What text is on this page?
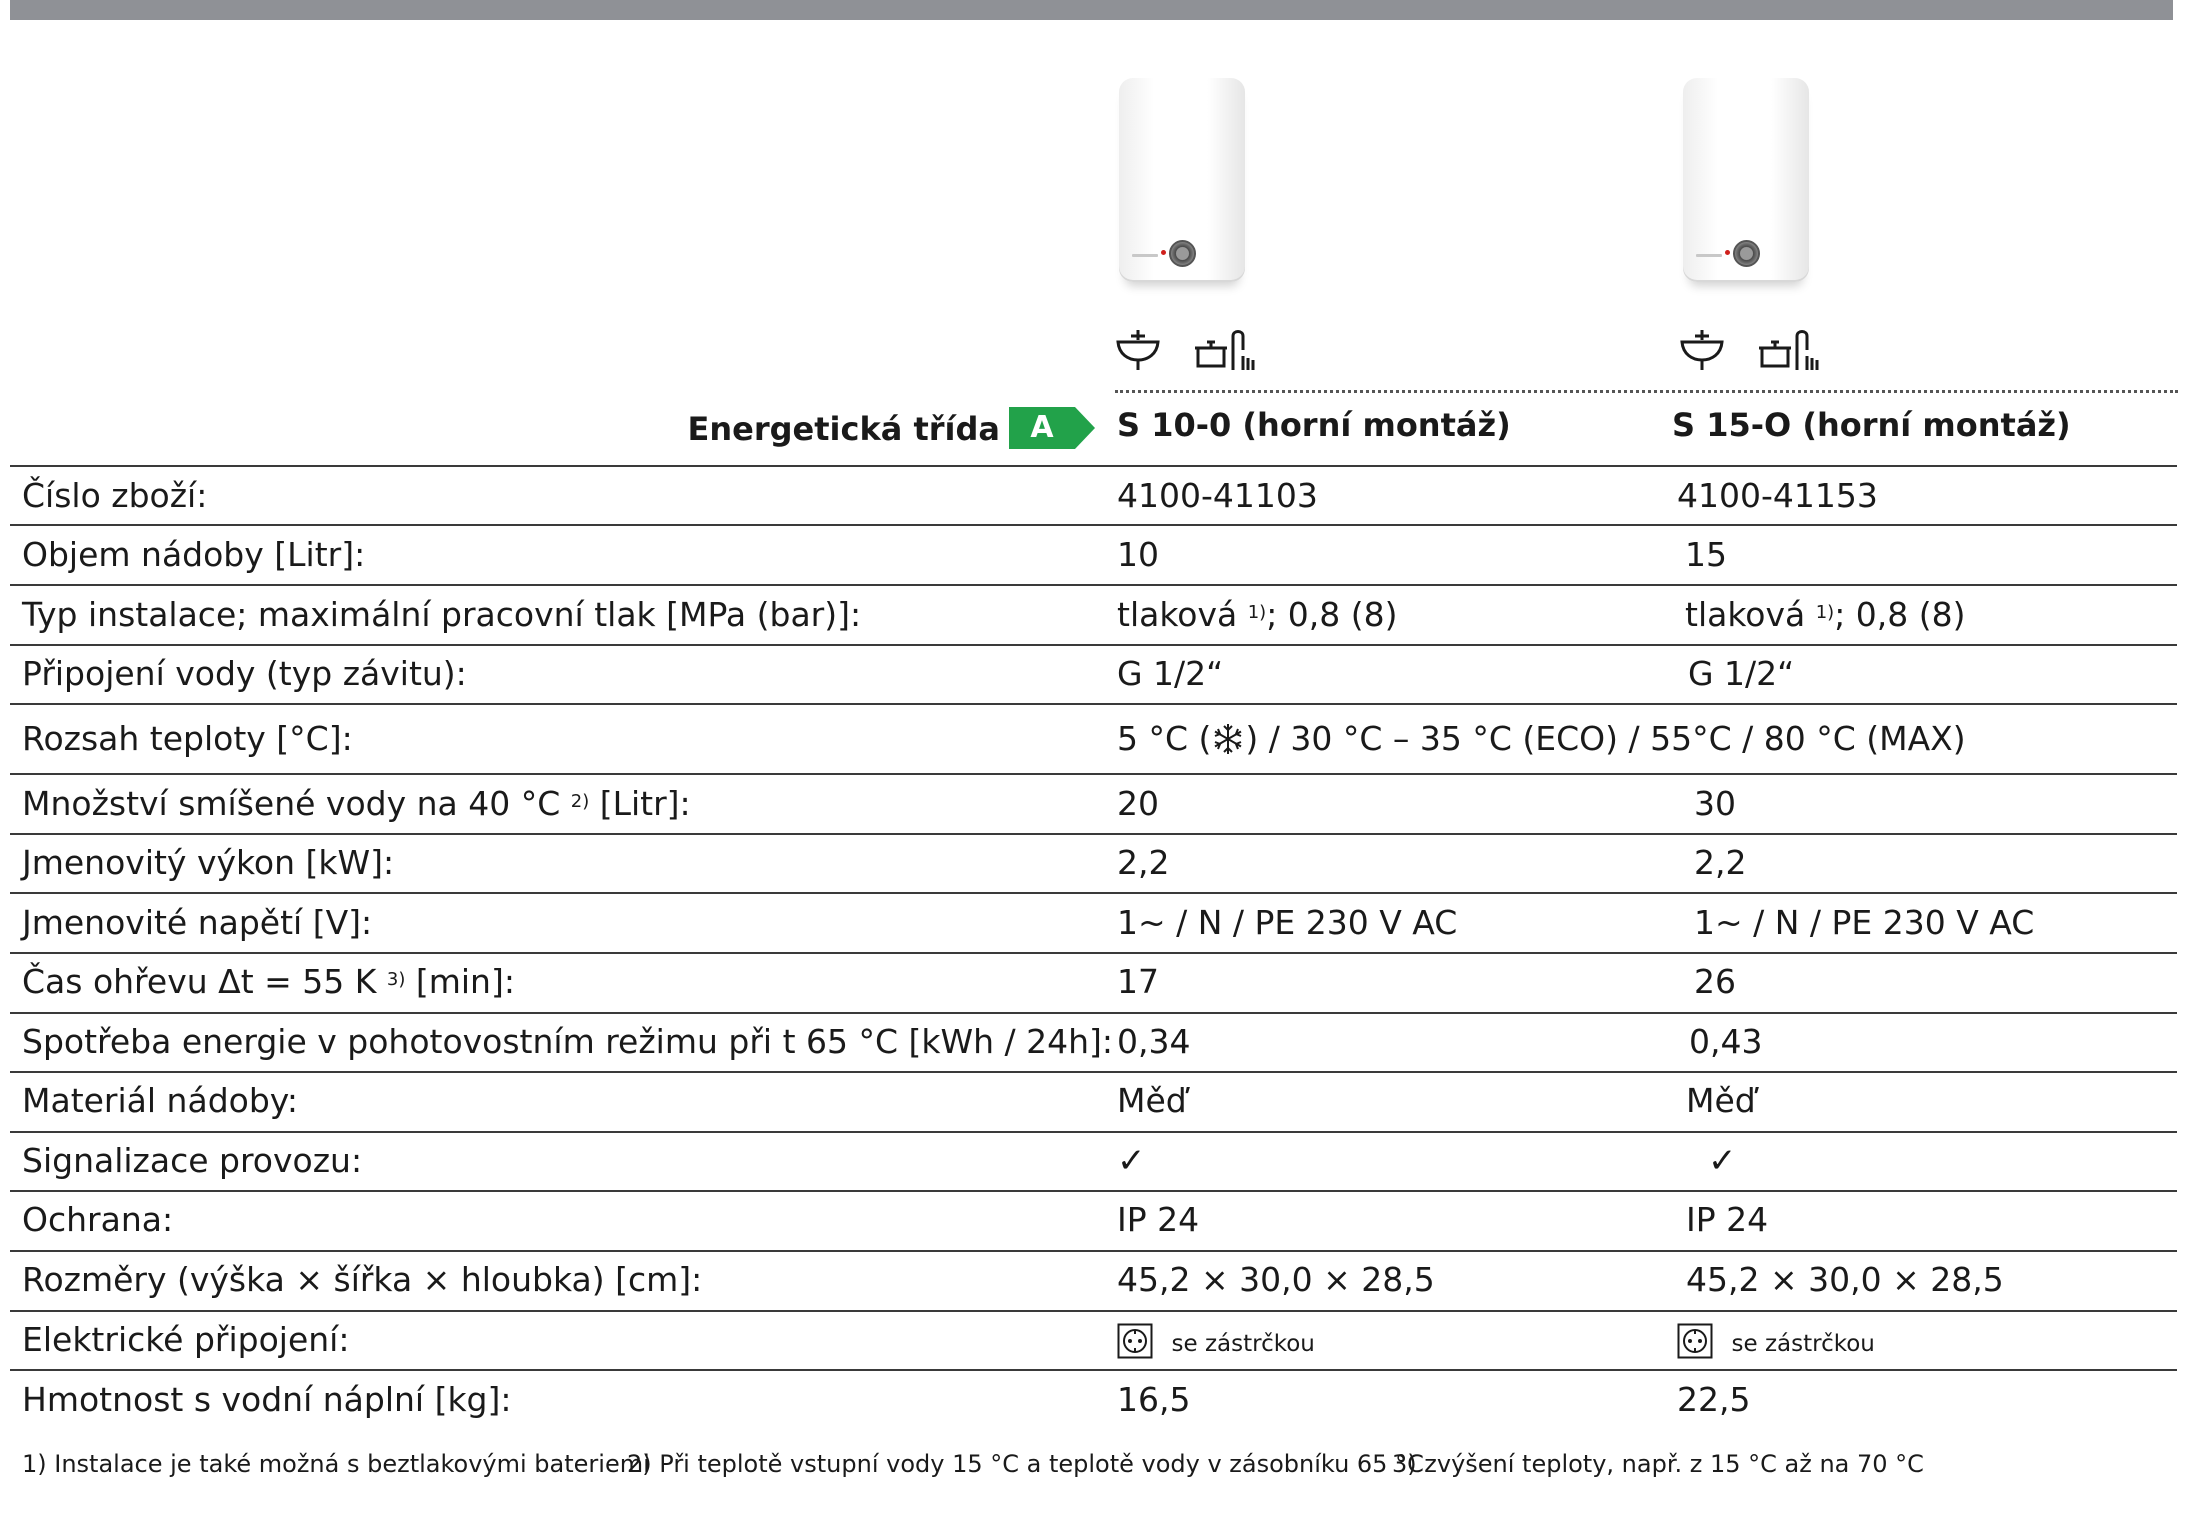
Energetická třída	A	S 10-0 (horní montáž)	S 15-O (horní montáž)
Číslo zboží:	4100-41103	4100-41153
Objem nádoby [Litr]:	10	15
Typ instalace; maximální pracovní tlak [MPa (bar)]:	tlaková $^{1)}$; 0,8 (8)	tlaková $^{1)}$; 0,8 (8)
Připojení vody (typ závitu):	G 1/2“	G 1/2“
Rozsah teploty [°C]:	5 °C ( ) / 30 °C – 35 °C (ECO) / 55°C / 80 °C (MAX)
Množství smíšené vody na 40 °C $^{2)}$ [Litr]:	20	30
Jmenovitý výkon [kW]:	2,2	2,2
Jmenovité napětí [V]:	1~ / N / PE 230 V AC	1~ / N / PE 230 V AC
Čas ohřevu Δt = 55 K $^{3)}$ [min]:	17	26
Spotřeba energie v pohotovostním režimu při t 65 °C [kWh / 24h]: 0,34	0,43
Materiál nádoby:	Měď	Měď
Signalizace provozu:	✓	✓
Ochrana:	IP 24	IP 24
Rozměry (výška × šířka × hloubka) [cm]:	45,2 × 30,0 × 28,5	45,2 × 30,0 × 28,5
Elektrické připojení:	se zástrčkou	se zástrčkou
Hmotnost s vodní náplní [kg]:	16,5	22,5
1) Instalace je také možná s beztlakovými bateriemi
2) Při teplotě vstupní vody 15 °C a teplotě vody v zásobníku 65 °C
3) zvýšení teploty, např. z 15 °C až na 70 °C
